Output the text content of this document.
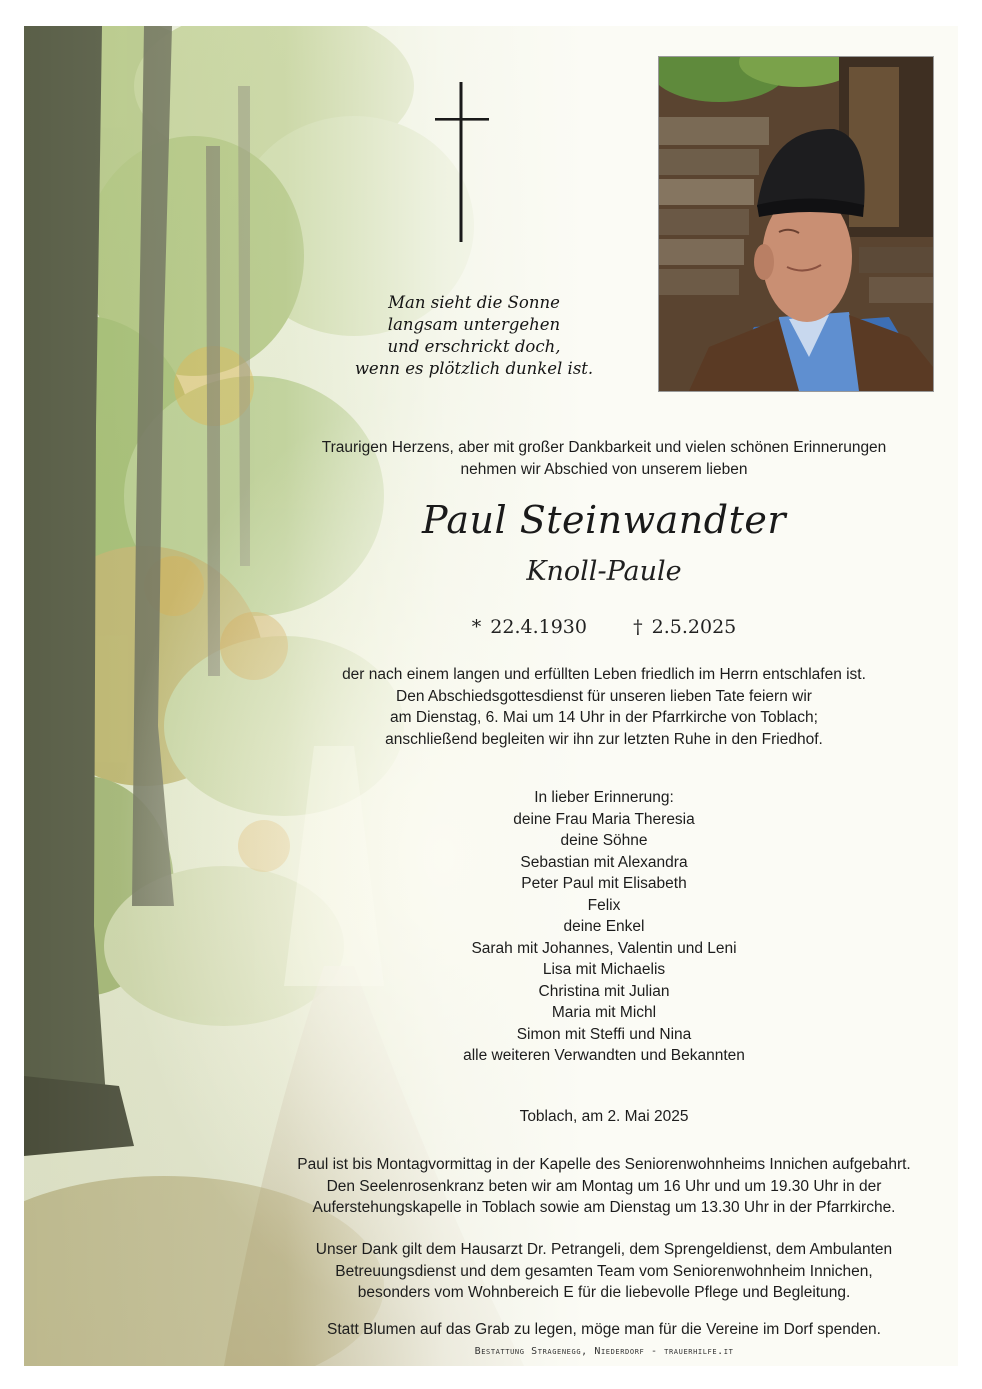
Man sieht die Sonne
langsam untergehen
und erschrickt doch,
wenn es plötzlich dunkel ist.
Traurigen Herzens, aber mit großer Dankbarkeit und vielen schönen Erinnerungen
nehmen wir Abschied von unserem lieben
Paul Steinwandter
Knoll-Paule
* 22.4.1930 † 2.5.2025
der nach einem langen und erfüllten Leben friedlich im Herrn entschlafen ist.
Den Abschiedsgottesdienst für unseren lieben Tate feiern wir
am Dienstag, 6. Mai um 14 Uhr in der Pfarrkirche von Toblach;
anschließend begleiten wir ihn zur letzten Ruhe in den Friedhof.
In lieber Erinnerung:
deine Frau Maria Theresia
deine Söhne
Sebastian mit Alexandra
Peter Paul mit Elisabeth
Felix
deine Enkel
Sarah mit Johannes, Valentin und Leni
Lisa mit Michaelis
Christina mit Julian
Maria mit Michl
Simon mit Steffi und Nina
alle weiteren Verwandten und Bekannten
Toblach, am 2. Mai 2025
Paul ist bis Montagvormittag in der Kapelle des Seniorenwohnheims Innichen aufgebahrt.
Den Seelenrosenkranz beten wir am Montag um 16 Uhr und um 19.30 Uhr in der
Auferstehungskapelle in Toblach sowie am Dienstag um 13.30 Uhr in der Pfarrkirche.
Unser Dank gilt dem Hausarzt Dr. Petrangeli, dem Sprengeldienst, dem Ambulanten
Betreuungsdienst und dem gesamten Team vom Seniorenwohnheim Innichen,
besonders vom Wohnbereich E für die liebevolle Pflege und Begleitung.
Statt Blumen auf das Grab zu legen, möge man für die Vereine im Dorf spenden.
Bestattung Stragenegg, Niederdorf - trauerhilfe.it
